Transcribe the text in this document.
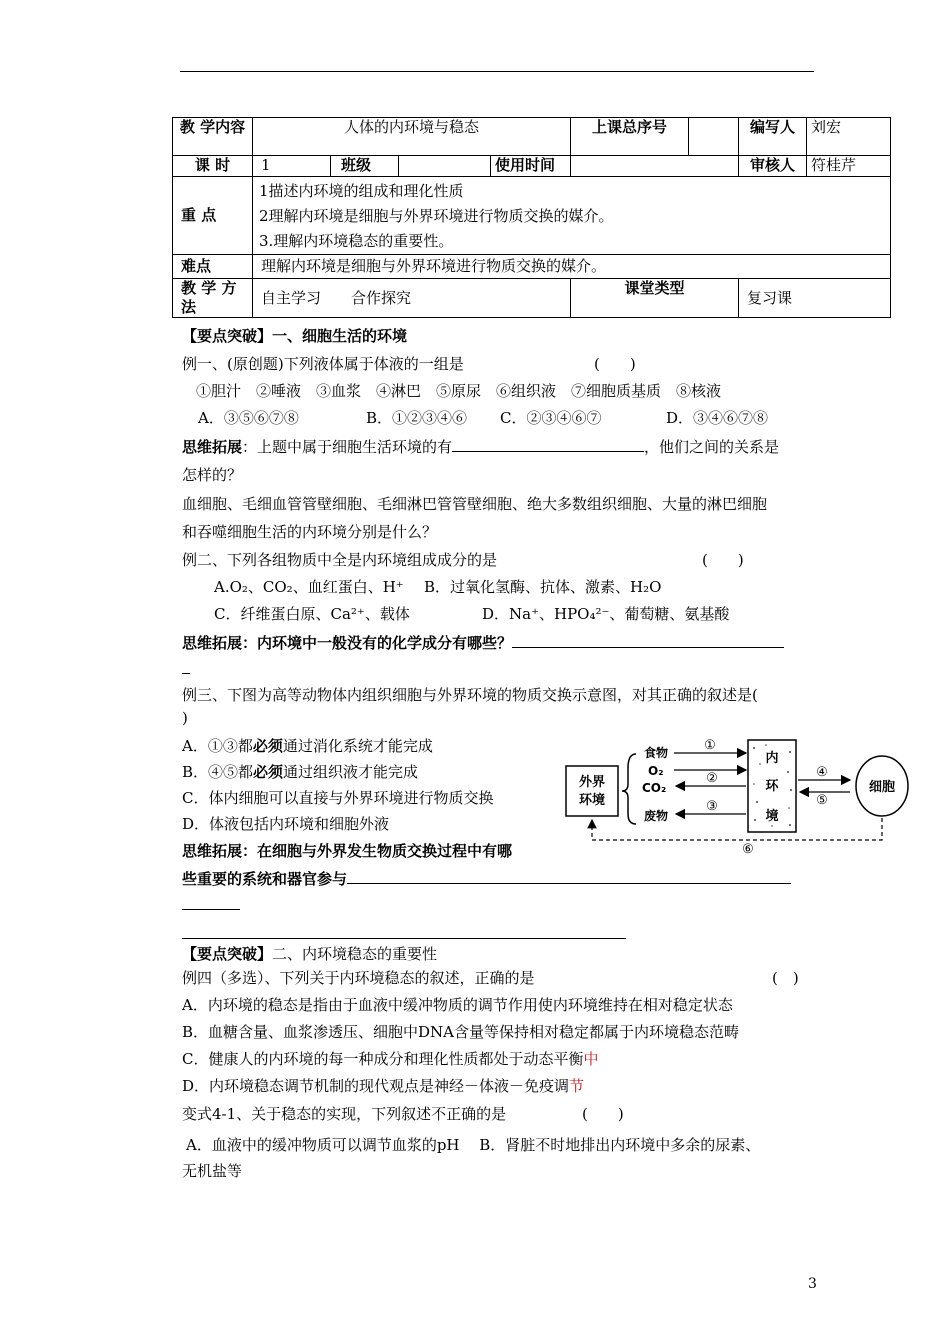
教 学内容	人体的内环境与稳态				上课总序号		编写人	刘宏
课 时	1	班级		使用时间			审核人	符桂芹
重 点	1描述内环境的组成和理化性质
2理解内环境是细胞与外界环境进行物质交换的媒介。
3.理解内环境稳态的重要性。							

难点	理解内环境是细胞与外界环境进行物质交换的媒介。							
教 学 方法	自主学习　　合作探究				课堂类型		复习课	
【要点突破】一、细胞生活的环境
例一、(原创题)下列液体属于体液的一组是	(　　)
①胆汁　②唾液　③血浆　④淋巴　⑤原尿　⑥组织液　⑦细胞质基质　⑧核液
A．③⑤⑥⑦⑧	B．①②③④⑥ C．②③④⑥⑦	D．③④⑥⑦⑧
思维拓展：上题中属于细胞生活环境的有	，他们之间的关系是
怎样的？
血细胞、毛细血管管壁细胞、毛细淋巴管管壁细胞、绝大多数组织细胞、大量的淋巴细胞
和吞噬细胞生活的内环境分别是什么？
例二、下列各组物质中全是内环境组成成分的是	(　　)
A.O₂、CO₂、血红蛋白、H⁺ B．过氧化氢酶、抗体、激素、H₂O
C．纤维蛋白原、Ca²⁺、载体	D．Na⁺、HPO₄²⁻、葡萄糖、氨基酸
思维拓展：内环境中一般没有的化学成分有哪些？
例三、下图为高等动物体内组织细胞与外界环境的物质交换示意图，对其正确的叙述是(
)
A．①③都必须通过消化系统才能完成
B．④⑤都必须通过组织液才能完成
C．体内细胞可以直接与外界环境进行物质交换
D．体液包括内环境和细胞外液
外界
环境
食物
O₂
CO₂
废物
①
②
③
内
环
境
④
⑤
细胞
⑥
思维拓展：在细胞与外界发生物质交换过程中有哪
些重要的系统和器官参与
【要点突破】二、内环境稳态的重要性
例四（多选）、下列关于内环境稳态的叙述，正确的是	(　)
A．内环境的稳态是指由于血液中缓冲物质的调节作用使内环境维持在相对稳定状态
B．血糖含量、血浆渗透压、细胞中DNA含量等保持相对稳定都属于内环境稳态范畴
C．健康人的内环境的每一种成分和理化性质都处于动态平衡中
D．内环境稳态调节机制的现代观点是神经－体液－免疫调节
变式4-1、关于稳态的实现，下列叙述不正确的是	(　　)
A．血液中的缓冲物质可以调节血浆的pH　 B．肾脏不时地排出内环境中多余的尿素、
无机盐等
3
